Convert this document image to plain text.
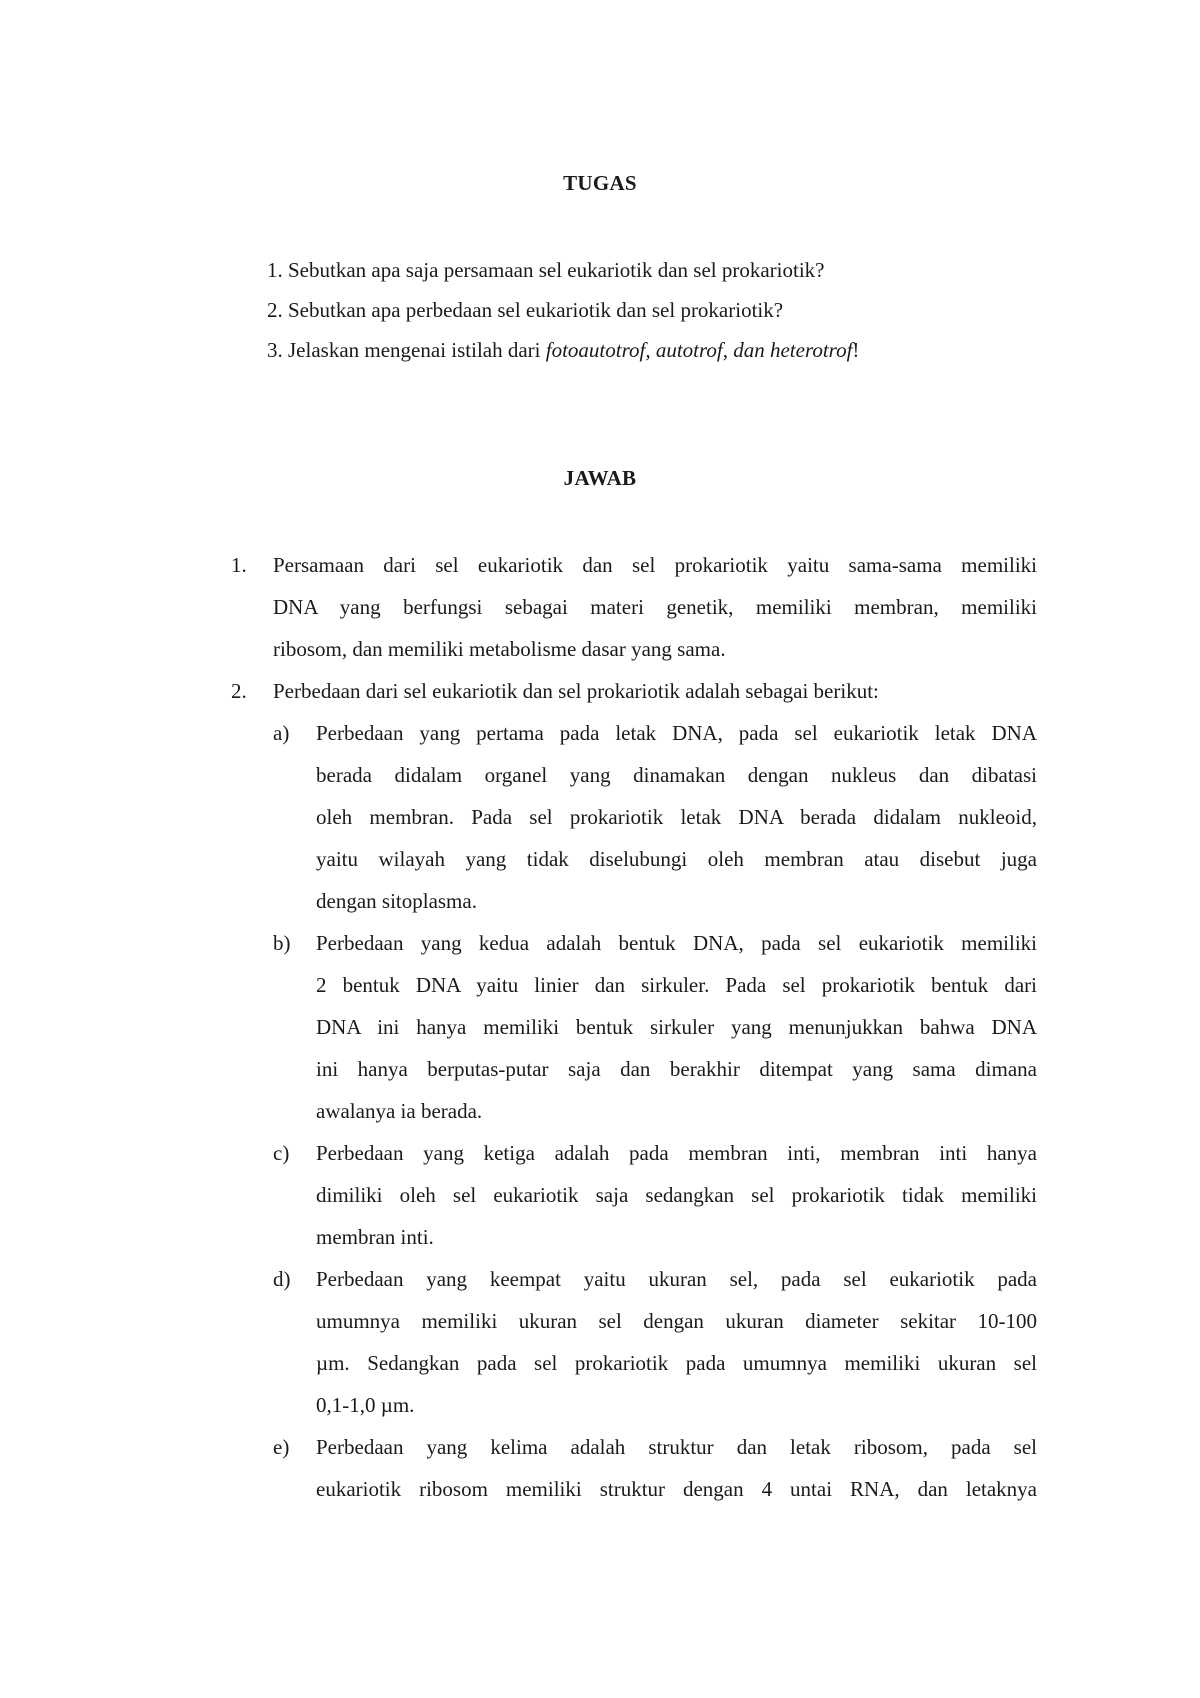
TUGAS
1. Sebutkan apa saja persamaan sel eukariotik dan sel prokariotik?
2. Sebutkan apa perbedaan sel eukariotik dan sel prokariotik?
3. Jelaskan mengenai istilah dari fotoautotrof, autotrof, dan heterotrof!
JAWAB
1. Persamaan dari sel eukariotik dan sel prokariotik yaitu sama-sama memiliki
DNA yang berfungsi sebagai materi genetik, memiliki membran, memiliki
ribosom, dan memiliki metabolisme dasar yang sama.
2. Perbedaan dari sel eukariotik dan sel prokariotik adalah sebagai berikut:
a) Perbedaan yang pertama pada letak DNA, pada sel eukariotik letak DNA
berada didalam organel yang dinamakan dengan nukleus dan dibatasi
oleh membran. Pada sel prokariotik letak DNA berada didalam nukleoid,
yaitu wilayah yang tidak diselubungi oleh membran atau disebut juga
dengan sitoplasma.
b) Perbedaan yang kedua adalah bentuk DNA, pada sel eukariotik memiliki
2 bentuk DNA yaitu linier dan sirkuler. Pada sel prokariotik bentuk dari
DNA ini hanya memiliki bentuk sirkuler yang menunjukkan bahwa DNA
ini hanya berputas-putar saja dan berakhir ditempat yang sama dimana
awalanya ia berada.
c) Perbedaan yang ketiga adalah pada membran inti, membran inti hanya
dimiliki oleh sel eukariotik saja sedangkan sel prokariotik tidak memiliki
membran inti.
d) Perbedaan yang keempat yaitu ukuran sel, pada sel eukariotik pada
umumnya memiliki ukuran sel dengan ukuran diameter sekitar 10-100
µm. Sedangkan pada sel prokariotik pada umumnya memiliki ukuran sel
0,1-1,0 µm.
e) Perbedaan yang kelima adalah struktur dan letak ribosom, pada sel
eukariotik ribosom memiliki struktur dengan 4 untai RNA, dan letaknya
